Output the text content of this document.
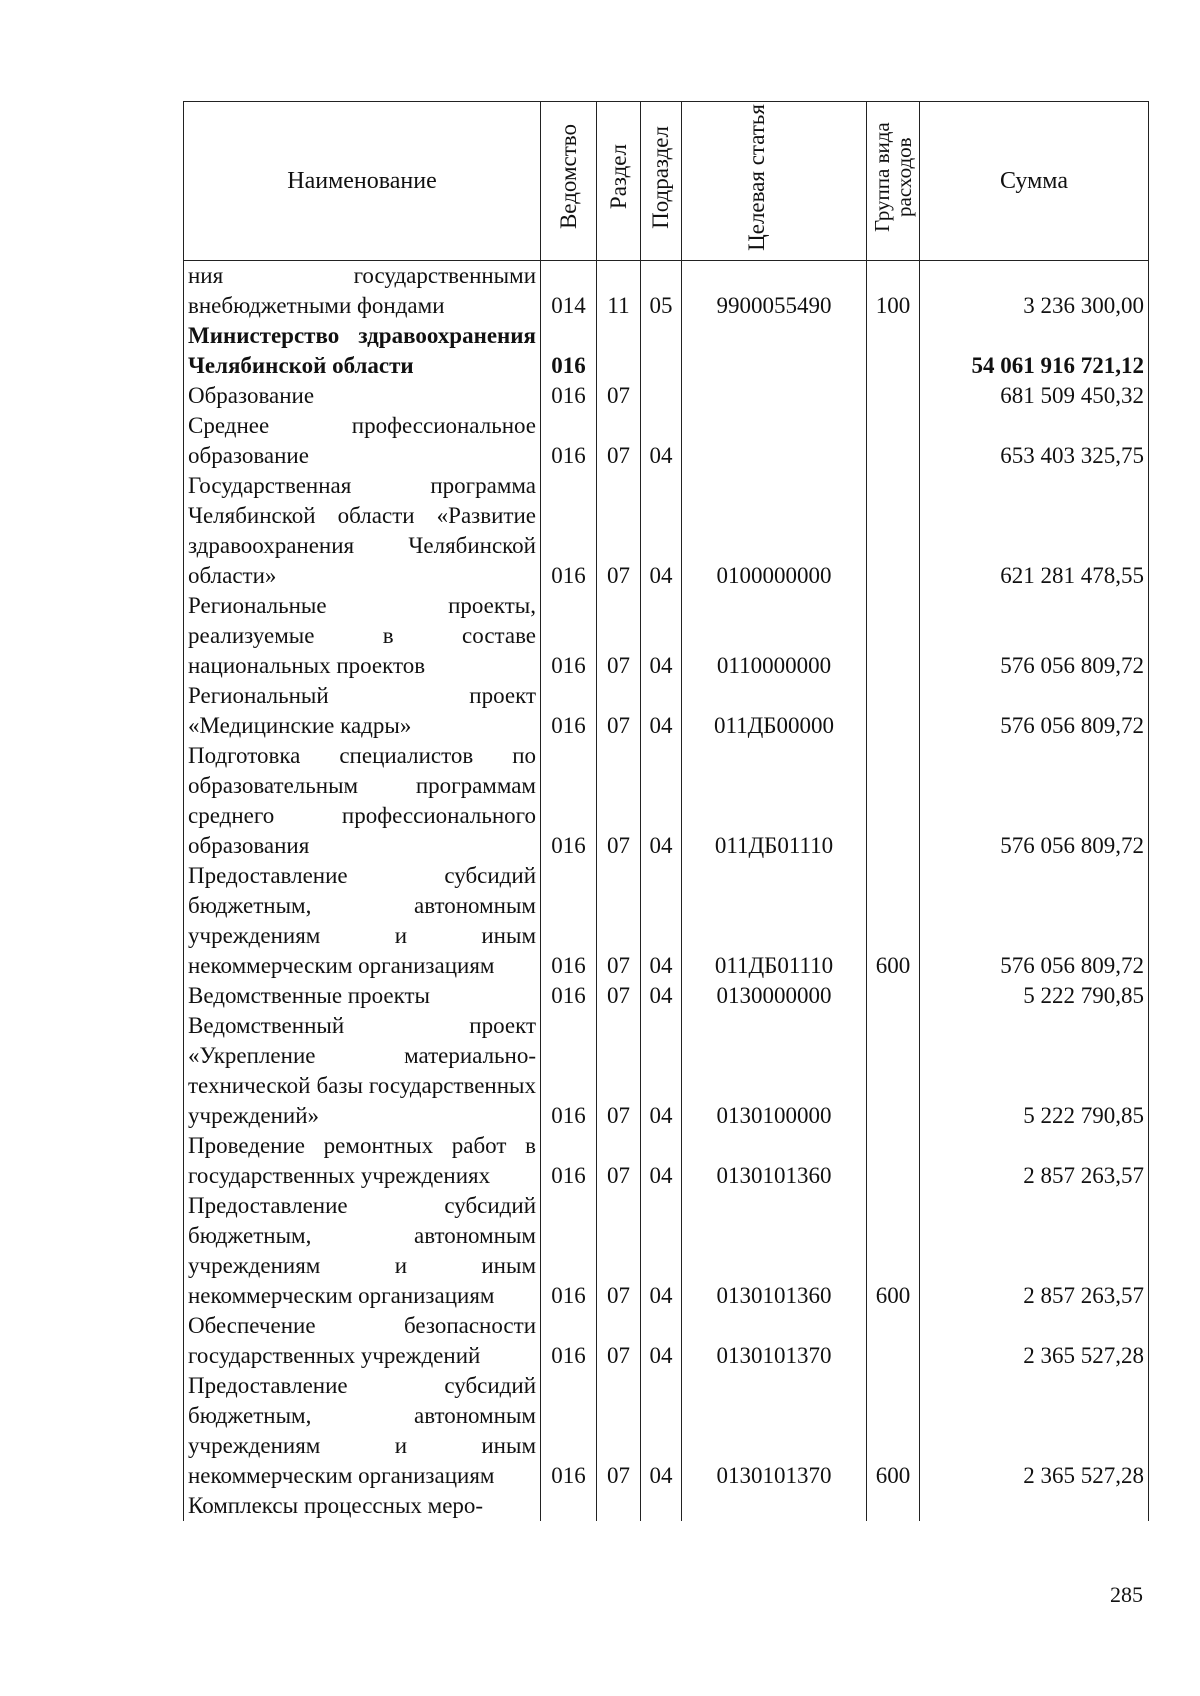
Наименование	Ведомство	Раздел	Подраздел	Целевая статья	Группа вида расходов	Сумма
ния государственными внебюджетными фондами	014	11	05	9900055490	100	3 236 300,00
Министерство здравоохранения Челябинской области	016					54 061 916 721,12
Образование	016	07				681 509 450,32
Среднее профессиональное образование	016	07	04			653 403 325,75
Государственная программа Челябинской области «Развитие здравоохранения Челябинской области»	016	07	04	0100000000		621 281 478,55
Региональные проекты, реализуемые в составе национальных проектов	016	07	04	0110000000		576 056 809,72
Региональный проект «Медицинские кадры»	016	07	04	011ДБ00000		576 056 809,72
Подготовка специалистов по образовательным программам среднего профессионального образования	016	07	04	011ДБ01110		576 056 809,72
Предоставление субсидий бюджетным, автономным учреждениям и иным некоммерческим организациям	016	07	04	011ДБ01110	600	576 056 809,72
Ведомственные проекты	016	07	04	0130000000		5 222 790,85
Ведомственный проект «Укрепление материально-технической базы государственных учреждений»	016	07	04	0130100000		5 222 790,85
Проведение ремонтных работ в государственных учреждениях	016	07	04	0130101360		2 857 263,57
Предоставление субсидий бюджетным, автономным учреждениям и иным некоммерческим организациям	016	07	04	0130101360	600	2 857 263,57
Обеспечение безопасности государственных учреждений	016	07	04	0130101370		2 365 527,28
Предоставление субсидий бюджетным, автономным учреждениям и иным некоммерческим организациям	016	07	04	0130101370	600	2 365 527,28
Комплексы процессных меро-						
285
